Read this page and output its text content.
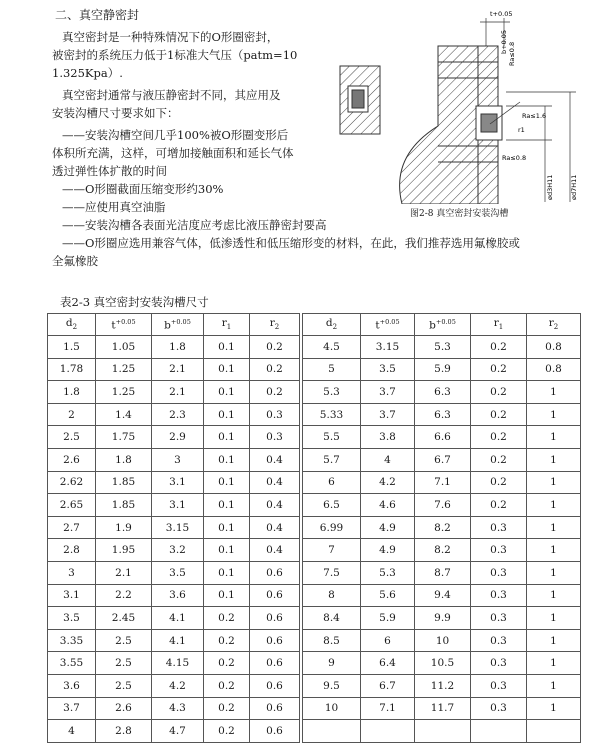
二、真空静密封
真空密封是一种特殊情况下的O形圈密封，
被密封的系统压力低于1标准大气压（patm=10
1.325Kpa）.
真空密封通常与液压静密封不同，其应用及
安装沟槽尺寸要求如下：
——安装沟槽空间几乎100%被O形圈变形后
体积所充满，这样，可增加接触面积和延长气体
透过弹性体扩散的时间
——O形圈截面压缩变形约30%
——应使用真空油脂
——安装沟槽各表面光洁度应考虑比液压静密封要高
——O形圈应选用兼容气体，低渗透性和低压缩形变的材料，在此，我们推荐选用氟橡胶或
全氟橡胶
t+0.05
b+0.05 Ra≤0.8
Ra≤1.6
r1
Ra≤0.8
ød3H11 ød7H11
图2-8 真空密封安装沟槽
表2-3 真空密封安装沟槽尺寸
$d_2$	$t^{+0.05}$	$b^{+0.05}$	$r_1$	$r_2$
1.5	1.05	1.8	0.1	0.2
1.78	1.25	2.1	0.1	0.2
1.8	1.25	2.1	0.1	0.2
2	1.4	2.3	0.1	0.3
2.5	1.75	2.9	0.1	0.3
2.6	1.8	3	0.1	0.4
2.62	1.85	3.1	0.1	0.4
2.65	1.85	3.1	0.1	0.4
2.7	1.9	3.15	0.1	0.4
2.8	1.95	3.2	0.1	0.4
3	2.1	3.5	0.1	0.6
3.1	2.2	3.6	0.1	0.6
3.5	2.45	4.1	0.2	0.6
3.35	2.5	4.1	0.2	0.6
3.55	2.5	4.15	0.2	0.6
3.6	2.5	4.2	0.2	0.6
3.7	2.6	4.3	0.2	0.6
4	2.8	4.7	0.2	0.6
$d_2$	$t^{+0.05}$	$b^{+0.05}$	$r_1$	$r_2$
4.5	3.15	5.3	0.2	0.8
5	3.5	5.9	0.2	0.8
5.3	3.7	6.3	0.2	1
5.33	3.7	6.3	0.2	1
5.5	3.8	6.6	0.2	1
5.7	4	6.7	0.2	1
6	4.2	7.1	0.2	1
6.5	4.6	7.6	0.2	1
6.99	4.9	8.2	0.3	1
7	4.9	8.2	0.3	1
7.5	5.3	8.7	0.3	1
8	5.6	9.4	0.3	1
8.4	5.9	9.9	0.3	1
8.5	6	10	0.3	1
9	6.4	10.5	0.3	1
9.5	6.7	11.2	0.3	1
10	7.1	11.7	0.3	1
